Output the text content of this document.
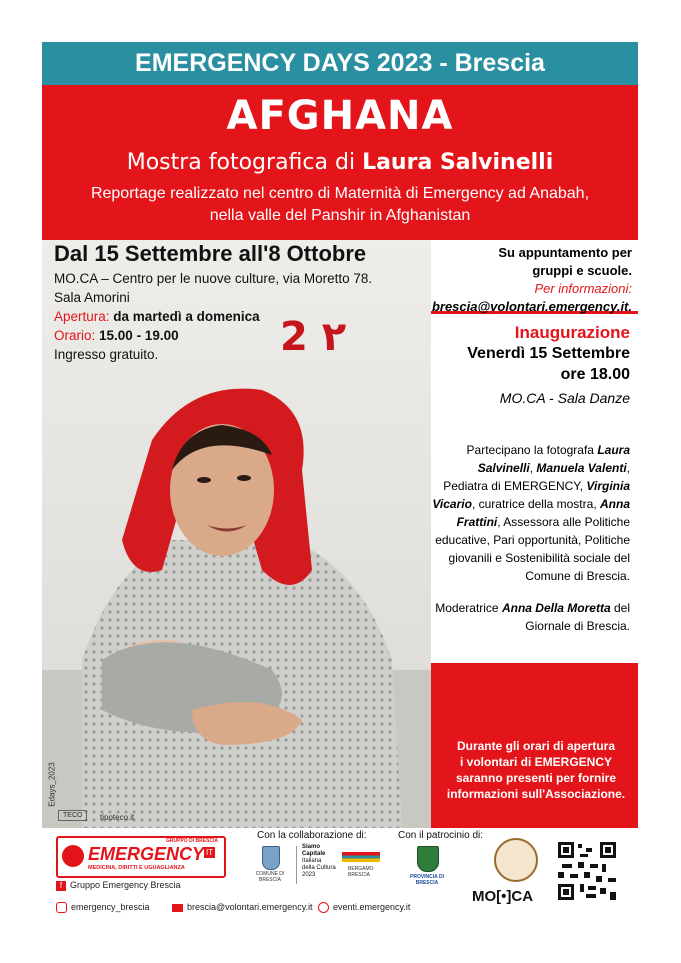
EMERGENCY DAYS 2023 - Brescia
AFGHANA
Mostra fotografica di Laura Salvinelli
Reportage realizzato nel centro di Maternità di Emergency ad Anabah,
nella valle del Panshir in Afghanistan
Dal 15 Settembre all'8 Ottobre
MO.CA – Centro per le nuove culture, via Moretto 78.
Sala Amorini
Apertura: da martedì a domenica
Orario: 15.00 - 19.00
Ingresso gratuito.	2 ٢
Edays_2023
TECO	tipoteco.it
Su appuntamento per
gruppi e scuole.
Per informazioni:
brescia@volontari.emergency.it.
Inaugurazione
Venerdì 15 Settembre
ore 18.00
MO.CA - Sala Danze
Partecipano la fotografa Laura Salvinelli, Manuela Valenti, Pediatra di EMERGENCY, Virginia Vicario, curatrice della mostra, Anna Frattini, Assessora alle Politiche educative, Pari opportunità, Politiche giovanili e Sostenibilità sociale del Comune di Brescia.
Moderatrice Anna Della Moretta del Giornale di Brescia.
Durante gli orari di apertura
i volontari di EMERGENCY
saranno presenti per fornire
informazioni sull'Associazione.
GRUPPO DI BRESCIA
EMERGENCY IT
MEDICINA, DIRITTI E UGUAGLIANZA
f Gruppo Emergency Brescia
emergency_brescia	brescia@volontari.emergency.it	eventi.emergency.it
Con la collaborazione di:
COMUNE DI BRESCIA
Siamo
Capitale
Italiana
della Cultura
2023
BERGAMO BRESCIA
Con il patrocinio di:
PROVINCIA DI BRESCIA
MO[•]CA
